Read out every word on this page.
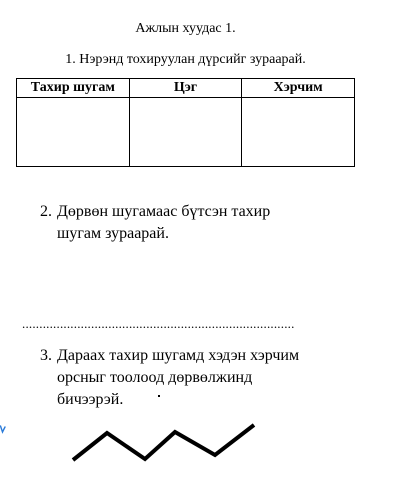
Ажлын хуудас 1.
1. Нэрэнд тохируулан дүрсийг зураарай.
Тахир шугам	Цэг	Хэрчим

2. Дөрвөн шугамаас бүтсэн тахир
шугам зураарай.
...............................................................................
3. Дараах тахир шугамд хэдэн хэрчим
орсныг тоолоод дөрвөлжинд
бичээрэй.
